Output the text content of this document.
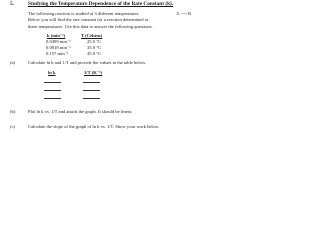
5.	Studying the Temperature Dependence of the Rate Constant (k).
The following reaction is studied at 3 different temperatures.
Below you will find the rate constant for a reaction determined at
these temperatures. Use this data to answer the following questions.
A ⟶ B
k (min⁻¹)	T (Celsius)
0.0499 min⁻¹	25.0 °C
0.0818 min⁻¹	35.0 °C
0.157 min⁻¹	45.0 °C
(a)	Calculate ln k and 1/T and provide the values in the table below.
ln k	1/T (K⁻¹)
(b)	Plot ln k vs. 1/T and attach the graph. It should be linear.
(c)	Calculate the slope of the graph of ln k vs. 1/T. Show your work below.
